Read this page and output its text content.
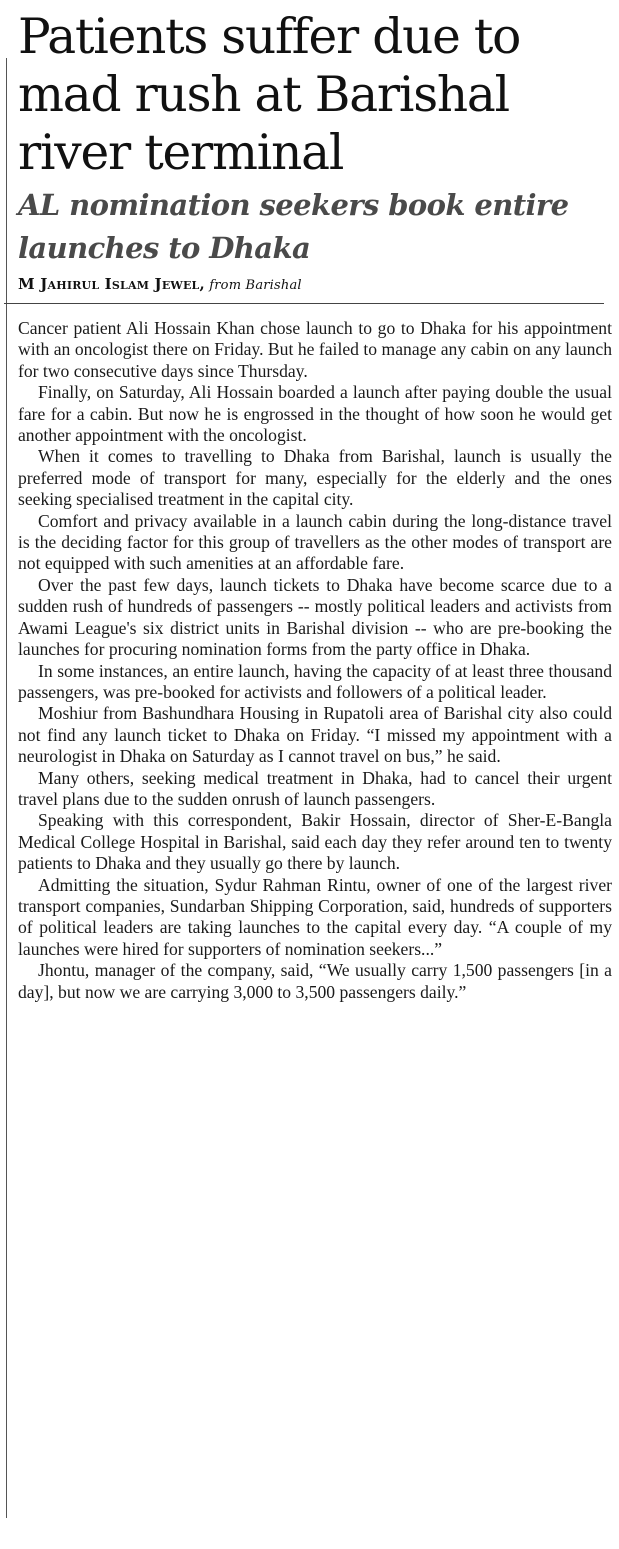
Patients suffer due to mad rush at Barishal river terminal
AL nomination seekers book entire launches to Dhaka
M Jahirul Islam Jewel, from Barishal

Cancer patient Ali Hossain Khan chose launch to go to Dhaka for his appointment with an oncologist there on Friday. But he failed to manage any cabin on any launch for two consecutive days since Thursday.

Finally, on Saturday, Ali Hossain boarded a launch after paying double the usual fare for a cabin. But now he is engrossed in the thought of how soon he would get another appointment with the oncologist.

When it comes to travelling to Dhaka from Barishal, launch is usually the preferred mode of transport for many, especially for the elderly and the ones seeking specialised treatment in the capital city.

Comfort and privacy available in a launch cabin during the long-distance travel is the deciding factor for this group of travellers as the other modes of transport are not equipped with such amenities at an affordable fare.

Over the past few days, launch tickets to Dhaka have become scarce due to a sudden rush of hundreds of passengers -- mostly political leaders and activists from Awami League's six district units in Barishal division -- who are pre-booking the launches for procuring nomination forms from the party office in Dhaka.

In some instances, an entire launch, having the capacity of at least three thousand passengers, was pre-booked for activists and followers of a political leader.

Moshiur from Bashundhara Housing in Rupatoli area of Barishal city also could not find any launch ticket to Dhaka on Friday. “I missed my appointment with a neurologist in Dhaka on Saturday as I cannot travel on bus,” he said.

Many others, seeking medical treatment in Dhaka, had to cancel their urgent travel plans due to the sudden onrush of launch passengers.

Speaking with this correspondent, Bakir Hossain, director of Sher-E-Bangla Medical College Hospital in Barishal, said each day they refer around ten to twenty patients to Dhaka and they usually go there by launch.

Admitting the situation, Sydur Rahman Rintu, owner of one of the largest river transport companies, Sundarban Shipping Corporation, said, hundreds of supporters of political leaders are taking launches to the capital every day. “A couple of my launches were hired for supporters of nomination seekers...”

Jhontu, manager of the company, said, “We usually carry 1,500 passengers [in a day], but now we are carrying 3,000 to 3,500 passengers daily.”
